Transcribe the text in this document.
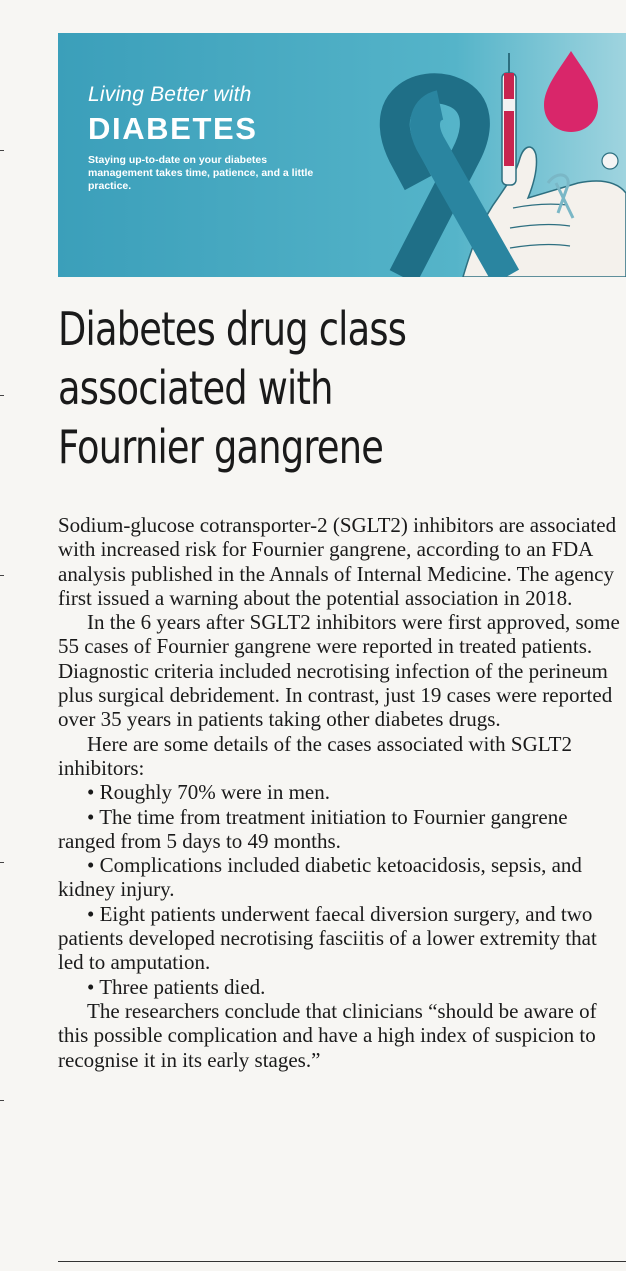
Living Better with
DIABETES
Staying up-to-date on your diabetes management takes time, patience, and a little practice.
Diabetes drug class
associated with
Fournier gangrene

Sodium-glucose cotransporter-2 (SGLT2) inhibitors are associated with increased risk for Fournier gangrene, according to an FDA analysis published in the Annals of Internal Medicine. The agency first issued a warning about the potential association in 2018.

In the 6 years after SGLT2 inhibitors were first approved, some 55 cases of Fournier gangrene were reported in treated patients. Diagnostic criteria included necrotising infection of the perineum plus surgical debridement. In contrast, just 19 cases were reported over 35 years in patients taking other diabetes drugs.

Here are some details of the cases associated with SGLT2 inhibitors:

• Roughly 70% were in men.
• The time from treatment initiation to Fournier gangrene ranged from 5 days to 49 months.
• Complications included diabetic ketoacidosis, sepsis, and kidney injury.
• Eight patients underwent faecal diversion surgery, and two patients developed necrotising fasciitis of a lower extremity that led to amputation.
• Three patients died.

The researchers conclude that clinicians “should be aware of this possible complication and have a high index of suspicion to recognise it in its early stages.”
